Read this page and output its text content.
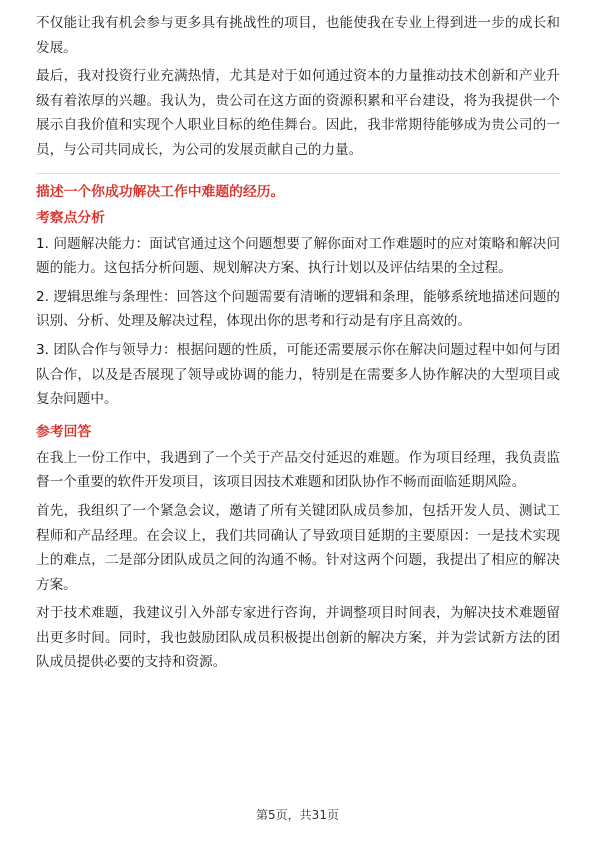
不仅能让我有机会参与更多具有挑战性的项目，也能使我在专业上得到进一步的成长和发展。

最后，我对投资行业充满热情，尤其是对于如何通过资本的力量推动技术创新和产业升级有着浓厚的兴趣。我认为，贵公司在这方面的资源积累和平台建设，将为我提供一个展示自我价值和实现个人职业目标的绝佳舞台。因此，我非常期待能够成为贵公司的一员，与公司共同成长，为公司的发展贡献自己的力量。

描述一个你成功解决工作中难题的经历。
考察点分析

1. 问题解决能力：面试官通过这个问题想要了解你面对工作难题时的应对策略和解决问题的能力。这包括分析问题、规划解决方案、执行计划以及评估结果的全过程。

2. 逻辑思维与条理性：回答这个问题需要有清晰的逻辑和条理，能够系统地描述问题的识别、分析、处理及解决过程，体现出你的思考和行动是有序且高效的。

3. 团队合作与领导力：根据问题的性质，可能还需要展示你在解决问题过程中如何与团队合作，以及是否展现了领导或协调的能力，特别是在需要多人协作解决的大型项目或复杂问题中。

参考回答

在我上一份工作中，我遇到了一个关于产品交付延迟的难题。作为项目经理，我负责监督一个重要的软件开发项目，该项目因技术难题和团队协作不畅而面临延期风险。

首先，我组织了一个紧急会议，邀请了所有关键团队成员参加，包括开发人员、测试工程师和产品经理。在会议上，我们共同确认了导致项目延期的主要原因：一是技术实现上的难点，二是部分团队成员之间的沟通不畅。针对这两个问题，我提出了相应的解决方案。

对于技术难题，我建议引入外部专家进行咨询，并调整项目时间表，为解决技术难题留出更多时间。同时，我也鼓励团队成员积极提出创新的解决方案，并为尝试新方法的团队成员提供必要的支持和资源。

第5页，共31页
